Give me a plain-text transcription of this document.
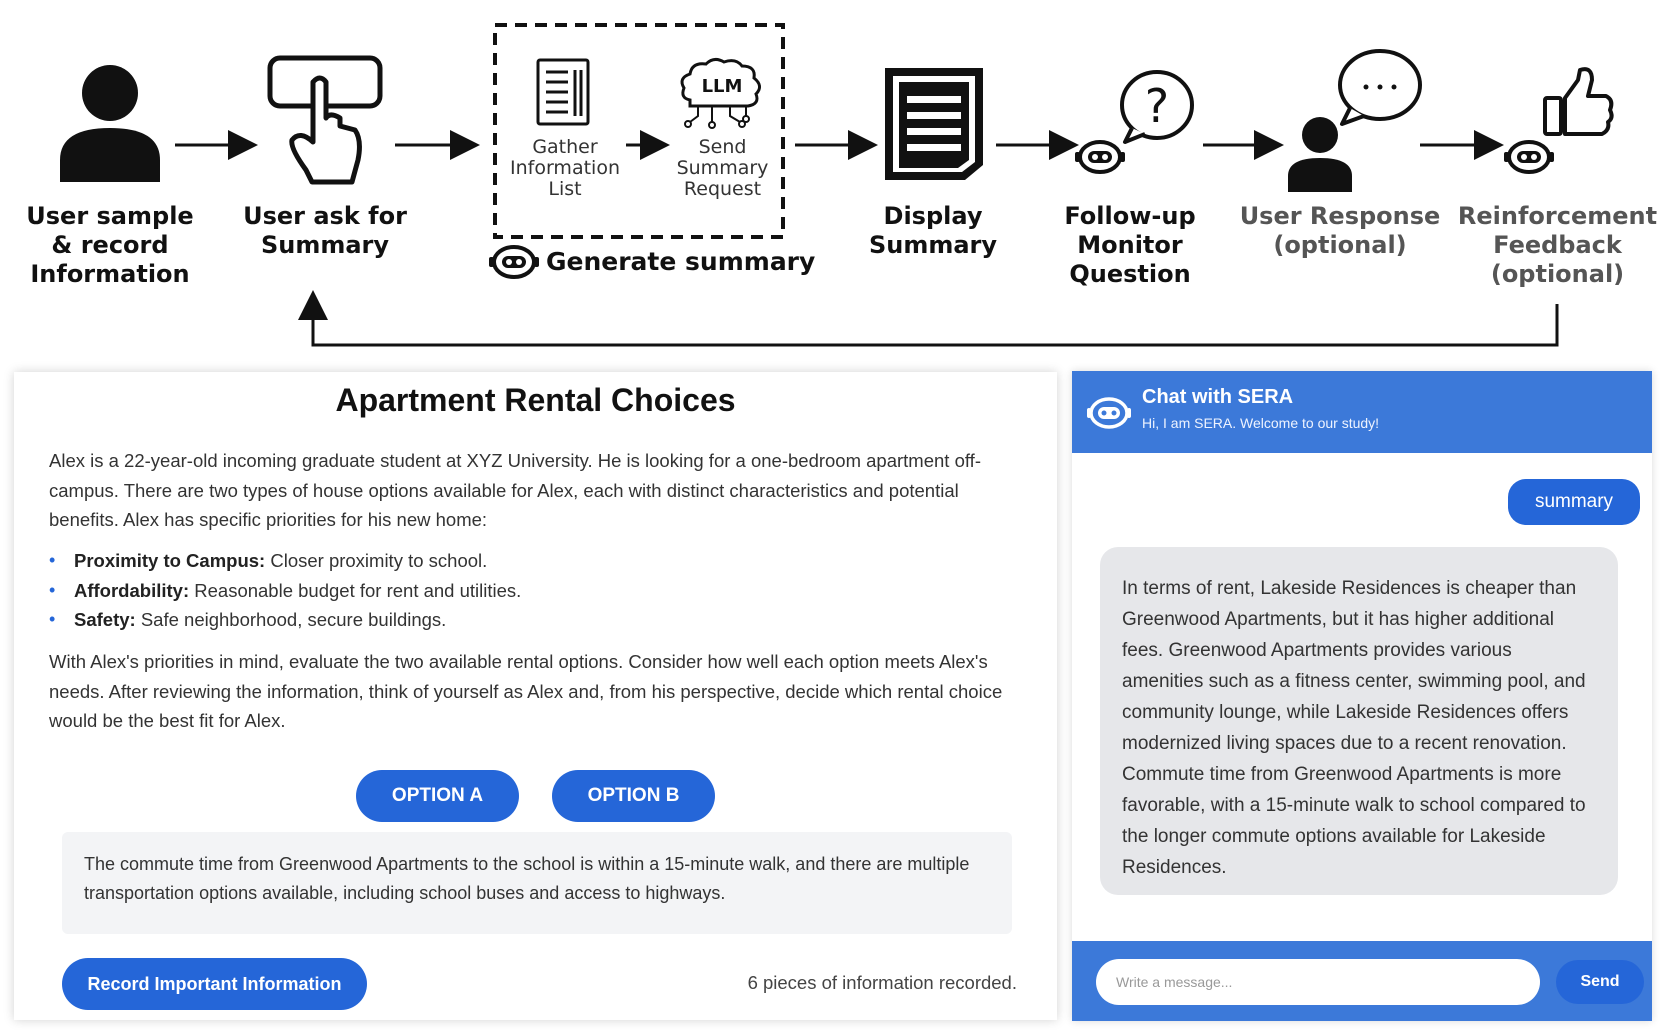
LLM	?
User sample
& record
Information
User ask for
Summary
Display
Summary
Follow-up
Monitor
Question
User Response
(optional)
Reinforcement
Feedback
(optional)
Gather
Information
List
Send
Summary
Request
Generate summary
Apartment Rental Choices
Alex is a 22-year-old incoming graduate student at XYZ University. He is looking for a one-bedroom apartment off-campus. There are two types of house options available for Alex, each with distinct characteristics and potential benefits. Alex has specific priorities for his new home:
• Proximity to Campus: Closer proximity to school.
• Affordability: Reasonable budget for rent and utilities.
• Safety: Safe neighborhood, secure buildings.
With Alex's priorities in mind, evaluate the two available rental options. Consider how well each option meets Alex's needs. After reviewing the information, think of yourself as Alex and, from his perspective, decide which rental choice would be the best fit for Alex.
OPTION A	OPTION B
The commute time from Greenwood Apartments to the school is within a 15-minute walk, and there are multiple transportation options available, including school buses and access to highways.
Record Important Information	6 pieces of information recorded.
Chat with SERA
Hi, I am SERA. Welcome to our study!
summary
In terms of rent, Lakeside Residences is cheaper than Greenwood Apartments, but it has higher additional fees. Greenwood Apartments provides various amenities such as a fitness center, swimming pool, and community lounge, while Lakeside Residences offers modernized living spaces due to a recent renovation. Commute time from Greenwood Apartments is more favorable, with a 15-minute walk to school compared to the longer commute options available for Lakeside Residences.
Write a message...
Send
